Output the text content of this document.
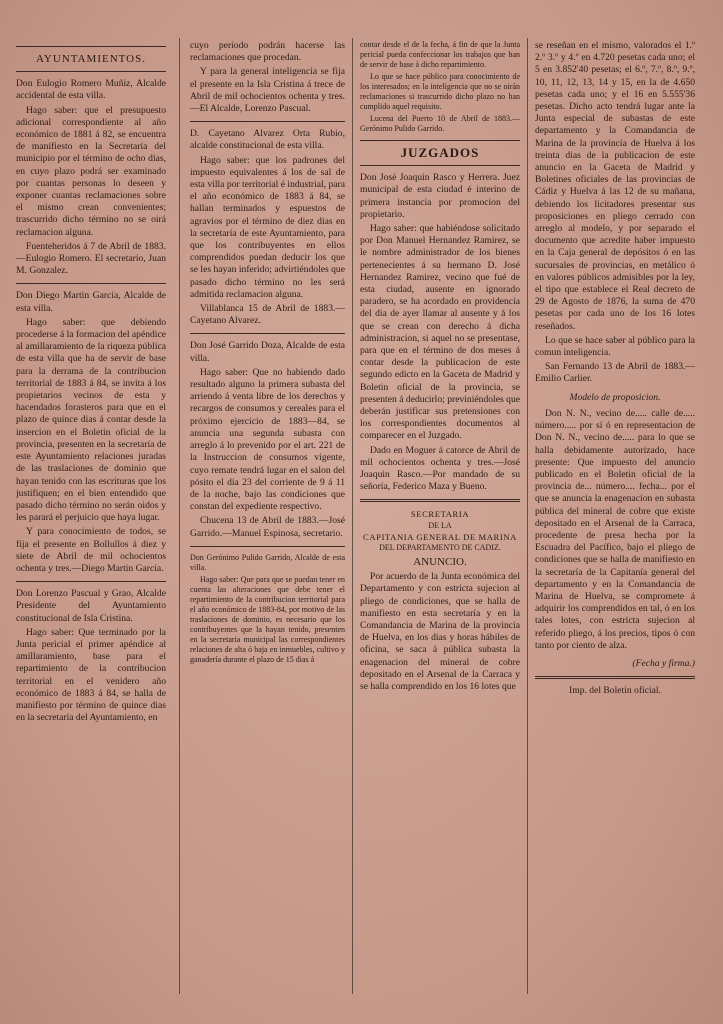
AYUNTAMIENTOS.

Don Eulogio Romero Muñiz, Alcalde accidental de esta villa.

Hago saber: que el presupuesto adicional correspondiente al año económico de 1881 á 82, se encuentra de manifiesto en la Secretaría del municipio por el término de ocho dias, en cuyo plazo podrá ser examinado por cuantas personas lo deseen y exponer cuantas reclamaciones sobre el mismo crean convenientes; trascurrido dicho término no se oirá reclamacion alguna.

Fuenteheridos á 7 de Abril de 1883.—Eulogio Romero. El secretario, Juan M. Gonzalez.

Don Diego Martin García, Alcalde de esta villa.

Hago saber: que debiendo procederse á la formacion del apéndice al amillaramiento de la riqueza pública de esta villa que ha de servir de base para la derrama de la contribucion territorial de 1883 á 84, se invita á los propietarios vecinos de esta y hacendados forasteros para que en el plazo de quince dias á contar desde la insercion en el Boletin oficial de la provincia, presenten en la secretaría de este Ayuntamiento relaciones juradas de las traslaciones de dominio que hayan tenido con las escrituras que los justifiquen; en el bien entendido que pasado dicho término no serán oidos y les parará el perjuicio que haya lugar.

Y para conocimiento de todos, se fija el presente en Bollullos á diez y siete de Abril de mil ochocientos ochenta y tres.—Diego Martin García.

Don Lorenzo Pascual y Grao, Alcalde Presidente del Ayuntamiento constitucional de Isla Cristina.

Hago saber: Que terminado por la Junta pericial el primer apéndice al amillaramiento, base para el repartimiento de la contribucion territorial en el venidero año económico de 1883 á 84, se halla de manifiesto por término de quince dias en la secretaría del Ayuntamiento, en

cuyo período podrán hacerse las reclamaciones que procedan.

Y para la general inteligencia se fija el presente en la Isla Cristina á trece de Abril de mil ochocientos ochenta y tres.—El Alcalde, Lorenzo Pascual.

D. Cayetano Alvarez Orta Rubio, alcalde constitucional de esta villa.

Hago saber: que los padrones del impuesto equivalentes á los de sal de esta villa por territorial é industrial, para el año económico de 1883 á 84, se hallan terminados y espuestos de agravios por el término de diez dias en la secretaría de este Ayuntamiento, para que los contribuyentes en ellos comprendidos puedan deducir los que se les hayan inferido; advirtiéndoles que pasado dicho término no les será admitida reclamacion alguna.

Villablanca 15 de Abril de 1883.—Cayetano Alvarez.

Don José Garrido Doza, Alcalde de esta villa.

Hago saber: Que no habiendo dado resultado alguno la primera subasta del arriendo á venta libre de los derechos y recargos de consumos y cereales para el próximo ejercicio de 1883—84, se anuncia una segunda subasta con arreglo á lo prevenido por el art. 221 de la Instruccion de consumos vigente, cuyo remate tendrá lugar en el salon del pósito el dia 23 del corriente de 9 á 11 de la noche, bajo las condiciones que constan del expediente respectivo.

Chucena 13 de Abril de 1883.—José Garrido.—Manuel Espinosa, secretario.

Don Gerónimo Pulido Garrido, Alcalde de esta villa.

Hago saber: Que para que se puedan tener en cuenta las alteraciones que debe tener el repartimiento de la contribucion territorial para el año económico de 1883-84, por motivo de las traslaciones de dominio, es necesario que los contribuyentes que la hayan tenido, presenten en la secretaría municipal las correspondientes relaciones de alta ó baja en inmuebles, cultivo y ganadería durante el plazo de 15 dias á

contar desde el de la fecha, á fin de que la Junta pericial pueda confeccionar los trabajos que han de servir de base á dicho repartimiento.

Lo que se hace público para conocimiento de los interesados; en la inteligencia que no se oirán reclamaciones si trascurrido dicho plazo no han cumplido aquel requisito.

Lucena del Puerto 10 de Abril de 1883.—Gerónimo Pulido Garrido.

JUZGADOS

Don José Joaquin Rasco y Herrera. Juez municipal de esta ciudad é interino de primera instancia por promocion del propietario.

Hago saber: que habiéndose solicitado por Don Manuel Hernandez Ramirez, se le nombre administrador de los bienes pertenecientes á su hermano D. José Hernandez Ramirez, vecino que fué de esta ciudad, ausente en ignorado paradero, se ha acordado en providencia del dia de ayer llamar al ausente y á los que se crean con derecho á dicha administracion, si aquel no se presentase, para que en el término de dos meses á contar desde la publicacion de este segundo edicto en la Gaceta de Madrid y Boletin oficial de la provincia, se presenten á deducirlo; previniéndoles que deberán justificar sus pretensiones con los correspondientes documentos al comparecer en el Juzgado.

Dado en Moguer á catorce de Abril de mil ochocientos ochenta y tres.—José Joaquin Rasco.—Por mandado de su señoría, Federico Maza y Bueno.

SECRETARIA
DE LA
CAPITANIA GENERAL DE MARINA
DEL DEPARTAMENTO DE CADIZ.
ANUNCIO.

Por acuerdo de la Junta económica del Departamento y con estricta sujecion al pliego de condiciones, que se halla de manifiesto en esta secretaría y en la Comandancia de Marina de la provincia de Huelva, en los dias y horas hábiles de oficina, se saca á pública subasta la enagenacion del mineral de cobre depositado en el Arsenal de la Carraca y se halla comprendido en los 16 lotes que

se reseñan en el mismo, valorados el 1.º 2.º 3.º y 4.º en 4.720 pesetas cada uno; el 5 en 3.852'40 pesetas; el 6.º, 7.º, 8.º, 9.º, 10, 11, 12, 13, 14 y 15, en la de 4.650 pesetas cada uno; y el 16 en 5.555'36 pesetas. Dicho acto tendrá lugar ante la Junta especial de subastas de este departamento y la Comandancia de Marina de la provincia de Huelva á los treinta dias de la publicacion de este anuncio en la Gaceta de Madrid y Boletines oficiales de las provincias de Cádiz y Huelva á las 12 de su mañana, debiendo los licitadores presentar sus proposiciones en pliego cerrado con arreglo al modelo, y por separado el documento que acredite haber impuesto en la Caja general de depósitos ó en las sucursales de provincias, en metálico ó en valores públicos admisibles por la ley, el tipo que establece el Real decreto de 29 de Agosto de 1876, la suma de 470 pesetas por cada uno de los 16 lotes reseñados.

Lo que se hace saber al público para la comun inteligencia.

San Fernando 13 de Abril de 1883.—Emilio Carlier.

Modelo de proposicion.

Don N. N., vecino de..... calle de..... número..... por sí ó en representacion de Don N. N., vecino de..... para lo que se halla debidamente autorizado, hace presente: Que impuesto del anuncio publicado en el Boletin oficial de la provincia de... número.... fecha... por el que se anuncia la enagenacion en subasta pública del mineral de cobre que existe depositado en el Arsenal de la Carraca, procedente de presa hecha por la Escuadra del Pacífico, bajo el pliego de condiciones que se halla de manifiesto en la secretaría de la Capitanía general del departamento y en la Comandancia de Marina de Huelva, se compromete á adquirir los comprendidos en tal, ó en los tales lotes, con estricta sujecion al referido pliego, á los precios, tipos ó con tanto por ciento de alza.

(Fecha y firma.)
Imp. del Boletin oficial.
